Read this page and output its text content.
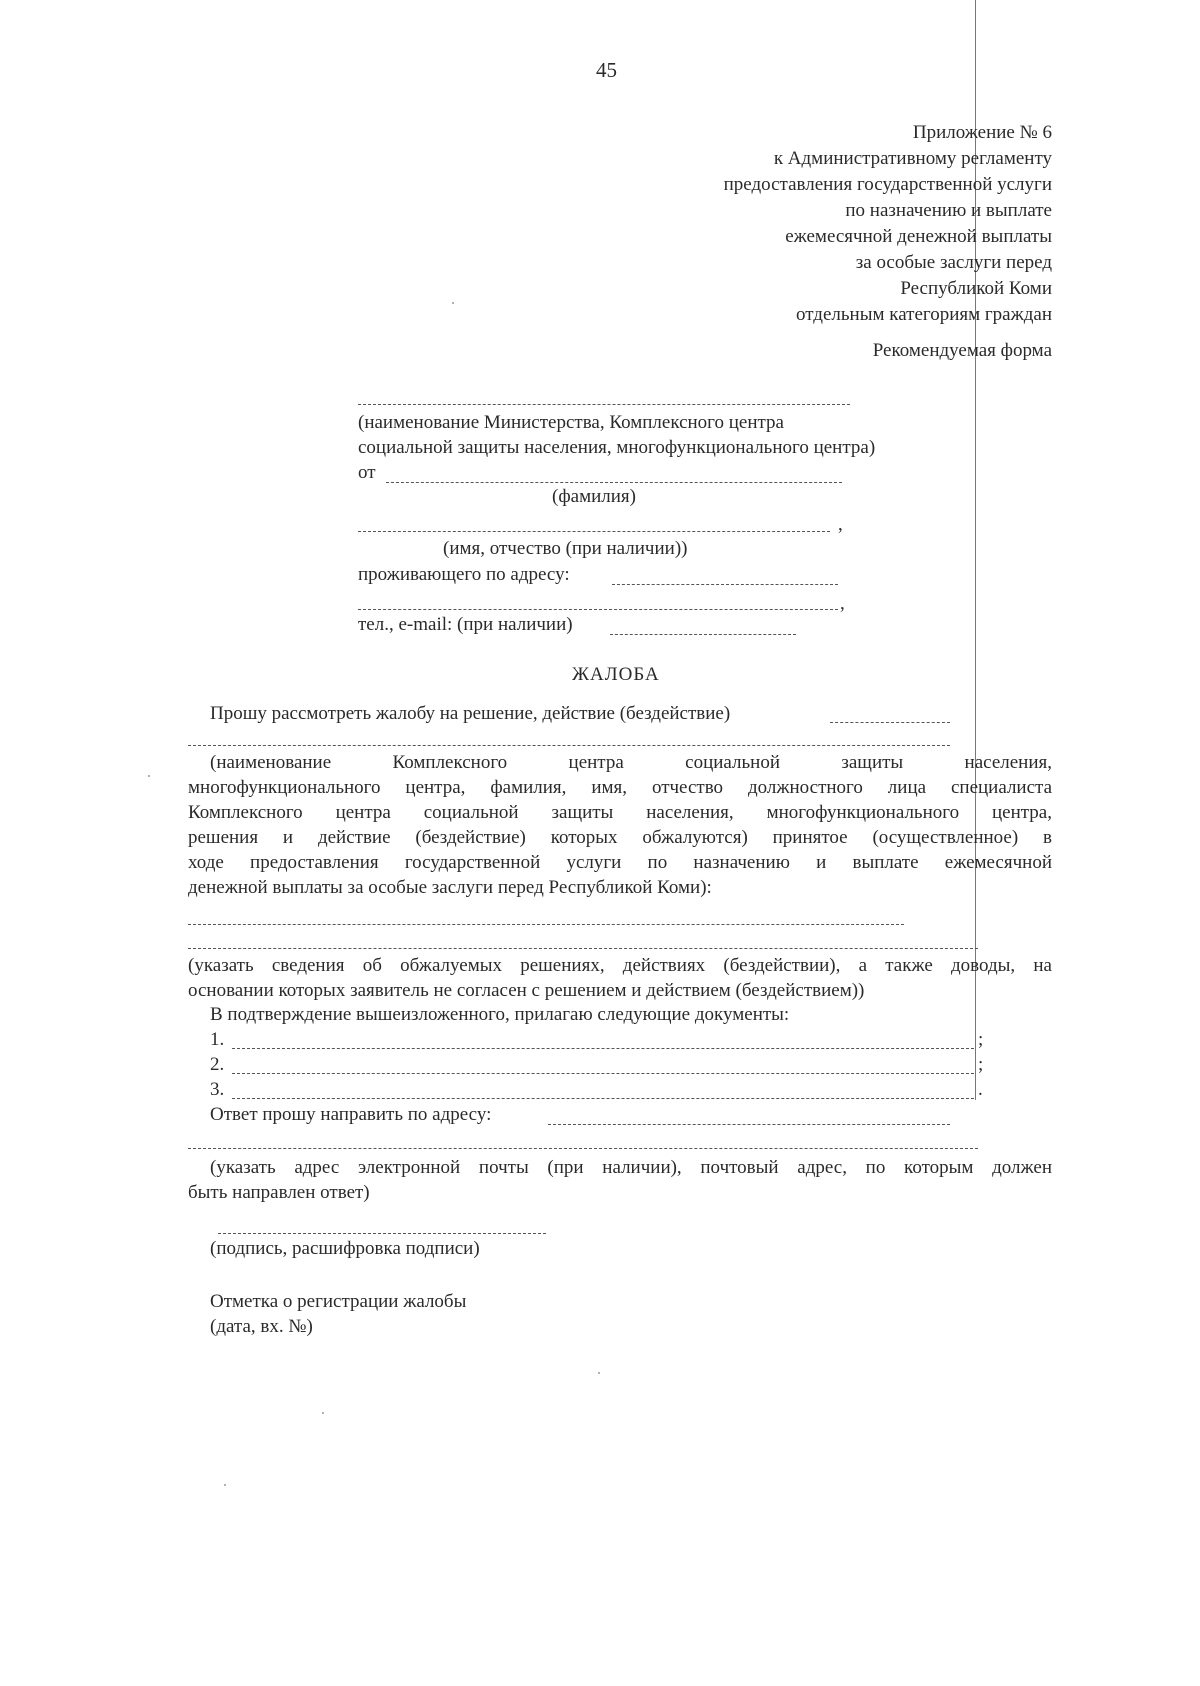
45
Приложение № 6
к Административному регламенту
предоставления государственной услуги
по назначению и выплате
ежемесячной денежной выплаты
за особые заслуги перед
Республикой Коми
отдельным категориям граждан
Рекомендуемая форма
(наименование Министерства, Комплексного центра
социальной защиты населения, многофункционального центра)
от
(фамилия)
,
(имя, отчество (при наличии))
проживающего по адресу:
,
тел., e-mail: (при наличии)
ЖАЛОБА
Прошу рассмотреть жалобу на решение, действие (бездействие)
(наименование Комплексного центра социальной защиты населения,
многофункционального центра, фамилия, имя, отчество должностного лица специалиста
Комплексного центра социальной защиты населения, многофункционального центра,
решения и действие (бездействие) которых обжалуются) принятое (осуществленное) в
ходе предоставления государственной услуги по назначению и выплате ежемесячной
денежной выплаты за особые заслуги перед Республикой Коми):
(указать сведения об обжалуемых решениях, действиях (бездействии), а также доводы, на
основании которых заявитель не согласен с решением и действием (бездействием))
В подтверждение вышеизложенного, прилагаю следующие документы:
1.	;
2.	;
3.	.
Ответ прошу направить по адресу:
(указать адрес электронной почты (при наличии), почтовый адрес, по которым должен
быть направлен ответ)
(подпись, расшифровка подписи)
Отметка о регистрации жалобы
(дата, вх. №)
